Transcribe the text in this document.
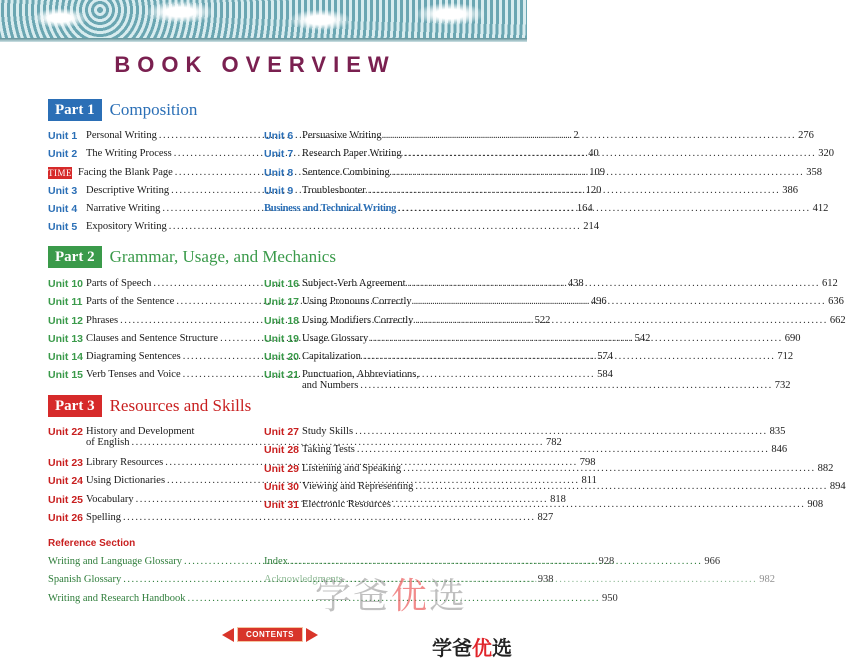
BOOK OVERVIEW
Part 1 Composition
Unit 1 Personal Writing .....	2
Unit 2 The Writing Process .....	40
TIME Facing the Blank Page .....	109
Unit 3 Descriptive Writing .....	120
Unit 4 Narrative Writing .....	164
Unit 5 Expository Writing .....	214
Unit 6 Persuasive Writing .....	276
Unit 7 Research Paper Writing .....	320
Unit 8 Sentence Combining .....	358
Unit 9 Troubleshooter .....	386
Business and Technical Writing .....	412
Part 2 Grammar, Usage, and Mechanics
Unit 10 Parts of Speech .....	438
Unit 11 Parts of the Sentence .....	496
Unit 12 Phrases .....	522
Unit 13 Clauses and Sentence Structure .....	542
Unit 14 Diagraming Sentences .....	574
Unit 15 Verb Tenses and Voice .....	584
Unit 16 Subject-Verb Agreement .....	612
Unit 17 Using Pronouns Correctly .....	636
Unit 18 Using Modifiers Correctly .....	662
Unit 19 Usage Glossary .....	690
Unit 20 Capitalization .....	712
Unit 21 Punctuation, Abbreviations,
and Numbers .....	732
Part 3 Resources and Skills
Unit 22 History and Development
of English .....	782
Unit 23 Library Resources .....	798
Unit 24 Using Dictionaries .....	811
Unit 25 Vocabulary .....	818
Unit 26 Spelling .....	827
Unit 27 Study Skills .....	835
Unit 28 Taking Tests .....	846
Unit 29 Listening and Speaking .....	882
Unit 30 Viewing and Representing .....	894
Unit 31 Electronic Resources .....	908
Reference Section
Writing and Language Glossary .....	928
Spanish Glossary .....	938
Writing and Research Handbook .....	950
Index .....	966
Acknowledgments .....	982
学爸优选
学爸优选
CONTENTS
